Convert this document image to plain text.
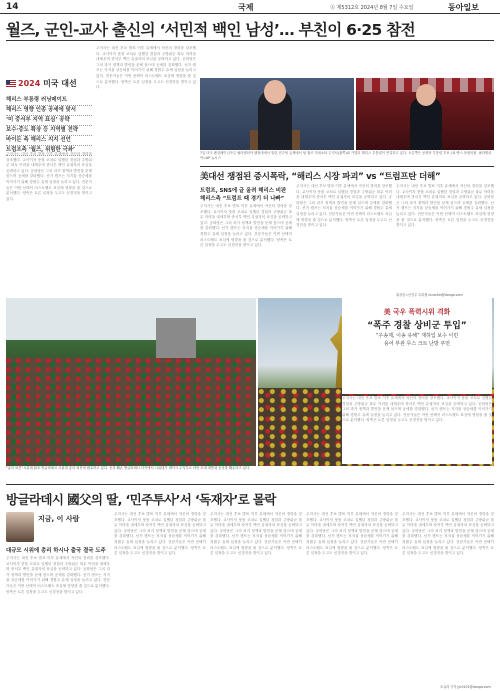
14	국제	Ⓐ 제5312호 2024년 8월 7일 수요일	동아일보
월즈, 군인-교사 출신의 ‘서민적 백인 남성’… 부친이 6·25 참전
2024 미국 대선
해리스 부통령 러닝메이트
해리스 영향 인종 공세에 맞서
‘미 중서부 지역 표심’ 공략
보수·중도 확장 등 지역별 전략
바이든 측 해리스 지지 선언
트럼프측 ‘월즈, 위험한 극좌’ 주지사는 대선 후보 발표 이후 유세에서 자신의 경력을 강조했다. 교사이자 풋볼 코치로 일했던 경험과 주방위군 복무 이력을 내세우며 중서부 백인 유권자의 표심을 공략하고 있다. 공화당은 그의 과거 정책과 발언을 문제 삼으며 공세를 강화했다. 선거 캠프는 지지율 상승세를 이어가기 위해 경합주 유세 일정을 늘리고 있다. 전문가들은 이번 선택이 러스트벨트 표심에 영향을 줄 것으로 분석했다. 양측은 토론 일정을 두고도 신경전을 벌이고 있다. 주지사는 대선 후보 발표 이후 유세에서 자신의 경력을 강조했다. 교사이자 풋볼 코치로 일했던 경험과 주방위군 복무 이력을 내세우며 중서부 백인 유권자의 표심을 공략하고 있다. 공화당은 그의 과거 정책과 발언을 문제 삼으며 공세를 강화했다. 선거 캠프는 지지율 상승세를 이어가기 위해 경합주 유세 일정을 늘리고 있다. 전문가들은 이번 선택이 러스트벨트 표심에 영향을 줄 것으로 분석했다. 양측은 토론 일정을 두고도 신경전을 벌이고 있다.	7일 미국 펜실베이니아주 필라델피아 템플대에서 열린 민주당 유세에서 팀 월즈 미네소타 주지사(왼쪽)와 카멀라 해리스 부통령이 연설하고 있다. 오른쪽은 공화당 부통령 후보 J D 밴스 상원의원. 필라델피아=AP 뉴시스
美대선 쟁점된 증시폭락, “해리스 시장 파괴” vs “트럼프탄 더해”
트럼프, SNS에 글 올려 해리스 비판
해리스측 “트럼프 때 경기 더 나빠”
주지사는 대선 후보 발표 이후 유세에서 자신의 경력을 강조했다. 교사이자 풋볼 코치로 일했던 경험과 주방위군 복무 이력을 내세우며 중서부 백인 유권자의 표심을 공략하고 있다. 공화당은 그의 과거 정책과 발언을 문제 삼으며 공세를 강화했다. 선거 캠프는 지지율 상승세를 이어가기 위해 경합주 유세 일정을 늘리고 있다. 전문가들은 이번 선택이 러스트벨트 표심에 영향을 줄 것으로 분석했다. 양측은 토론 일정을 두고도 신경전을 벌이고 있다.
주지사는 대선 후보 발표 이후 유세에서 자신의 경력을 강조했다. 교사이자 풋볼 코치로 일했던 경험과 주방위군 복무 이력을 내세우며 중서부 백인 유권자의 표심을 공략하고 있다. 공화당은 그의 과거 정책과 발언을 문제 삼으며 공세를 강화했다. 선거 캠프는 지지율 상승세를 이어가기 위해 경합주 유세 일정을 늘리고 있다. 전문가들은 이번 선택이 러스트벨트 표심에 영향을 줄 것으로 분석했다. 양측은 토론 일정을 두고도 신경전을 벌이고 있다.
주지사는 대선 후보 발표 이후 유세에서 자신의 경력을 강조했다. 교사이자 풋볼 코치로 일했던 경험과 주방위군 복무 이력을 내세우며 중서부 백인 유권자의 표심을 공략하고 있다. 공화당은 그의 과거 정책과 발언을 문제 삼으며 공세를 강화했다. 선거 캠프는 지지율 상승세를 이어가기 위해 경합주 유세 일정을 늘리고 있다. 전문가들은 이번 선택이 러스트벨트 표심에 영향을 줄 것으로 분석했다. 양측은 토론 일정을 두고도 신경전을 벌이고 있다.
워싱턴=신진우 특파원 niceshin@donga.com
美 국우 폭력시위 격화
“폭주 경찰 상비군 투입”
“우송제, 이송 유해” 재허입 보수 이민
용어 부관 무스 크트 난방 쿠먼
주지사는 대선 후보 발표 이후 유세에서 자신의 경력을 강조했다. 교사이자 풋볼 코치로 일했던 경험과 주방위군 복무 이력을 내세우며 중서부 백인 유권자의 표심을 공략하고 있다. 공화당은 그의 과거 정책과 발언을 문제 삼으며 공세를 강화했다. 선거 캠프는 지지율 상승세를 이어가기 위해 경합주 유세 일정을 늘리고 있다. 전문가들은 이번 선택이 러스트벨트 표심에 영향을 줄 것으로 분석했다. 양측은 토론 일정을 두고도 신경전을 벌이고 있다.
“총리 퇴진”시위대 환호 방글라데시 시위대 총리 퇴진에 환호하고 있다. 동상 훼손 방글라데시 다카에서 시위대가 셰이크 무지부르 라만 초대 대통령 동상을 훼손하고 있다.
방글라데시 國父의 딸, ‘민주투사’서 ‘독재자’로 몰락
지금, 이 사람
대규모 시위에 총리 하시나 출국 결국 도주
주지사는 대선 후보 발표 이후 유세에서 자신의 경력을 강조했다. 교사이자 풋볼 코치로 일했던 경험과 주방위군 복무 이력을 내세우며 중서부 백인 유권자의 표심을 공략하고 있다. 공화당은 그의 과거 정책과 발언을 문제 삼으며 공세를 강화했다. 선거 캠프는 지지율 상승세를 이어가기 위해 경합주 유세 일정을 늘리고 있다. 전문가들은 이번 선택이 러스트벨트 표심에 영향을 줄 것으로 분석했다. 양측은 토론 일정을 두고도 신경전을 벌이고 있다.
주지사는 대선 후보 발표 이후 유세에서 자신의 경력을 강조했다. 교사이자 풋볼 코치로 일했던 경험과 주방위군 복무 이력을 내세우며 중서부 백인 유권자의 표심을 공략하고 있다. 공화당은 그의 과거 정책과 발언을 문제 삼으며 공세를 강화했다. 선거 캠프는 지지율 상승세를 이어가기 위해 경합주 유세 일정을 늘리고 있다. 전문가들은 이번 선택이 러스트벨트 표심에 영향을 줄 것으로 분석했다. 양측은 토론 일정을 두고도 신경전을 벌이고 있다.
주지사는 대선 후보 발표 이후 유세에서 자신의 경력을 강조했다. 교사이자 풋볼 코치로 일했던 경험과 주방위군 복무 이력을 내세우며 중서부 백인 유권자의 표심을 공략하고 있다. 공화당은 그의 과거 정책과 발언을 문제 삼으며 공세를 강화했다. 선거 캠프는 지지율 상승세를 이어가기 위해 경합주 유세 일정을 늘리고 있다. 전문가들은 이번 선택이 러스트벨트 표심에 영향을 줄 것으로 분석했다. 양측은 토론 일정을 두고도 신경전을 벌이고 있다.
주지사는 대선 후보 발표 이후 유세에서 자신의 경력을 강조했다. 교사이자 풋볼 코치로 일했던 경험과 주방위군 복무 이력을 내세우며 중서부 백인 유권자의 표심을 공략하고 있다. 공화당은 그의 과거 정책과 발언을 문제 삼으며 공세를 강화했다. 선거 캠프는 지지율 상승세를 이어가기 위해 경합주 유세 일정을 늘리고 있다. 전문가들은 이번 선택이 러스트벨트 표심에 영향을 줄 것으로 분석했다. 양측은 토론 일정을 두고도 신경전을 벌이고 있다.
주지사는 대선 후보 발표 이후 유세에서 자신의 경력을 강조했다. 교사이자 풋볼 코치로 일했던 경험과 주방위군 복무 이력을 내세우며 중서부 백인 유권자의 표심을 공략하고 있다. 공화당은 그의 과거 정책과 발언을 문제 삼으며 공세를 강화했다. 선거 캠프는 지지율 상승세를 이어가기 위해 경합주 유세 일정을 늘리고 있다. 전문가들은 이번 선택이 러스트벨트 표심에 영향을 줄 것으로 분석했다. 양측은 토론 일정을 두고도 신경전을 벌이고 있다.
조유라 기자 jyr0101@donga.com
